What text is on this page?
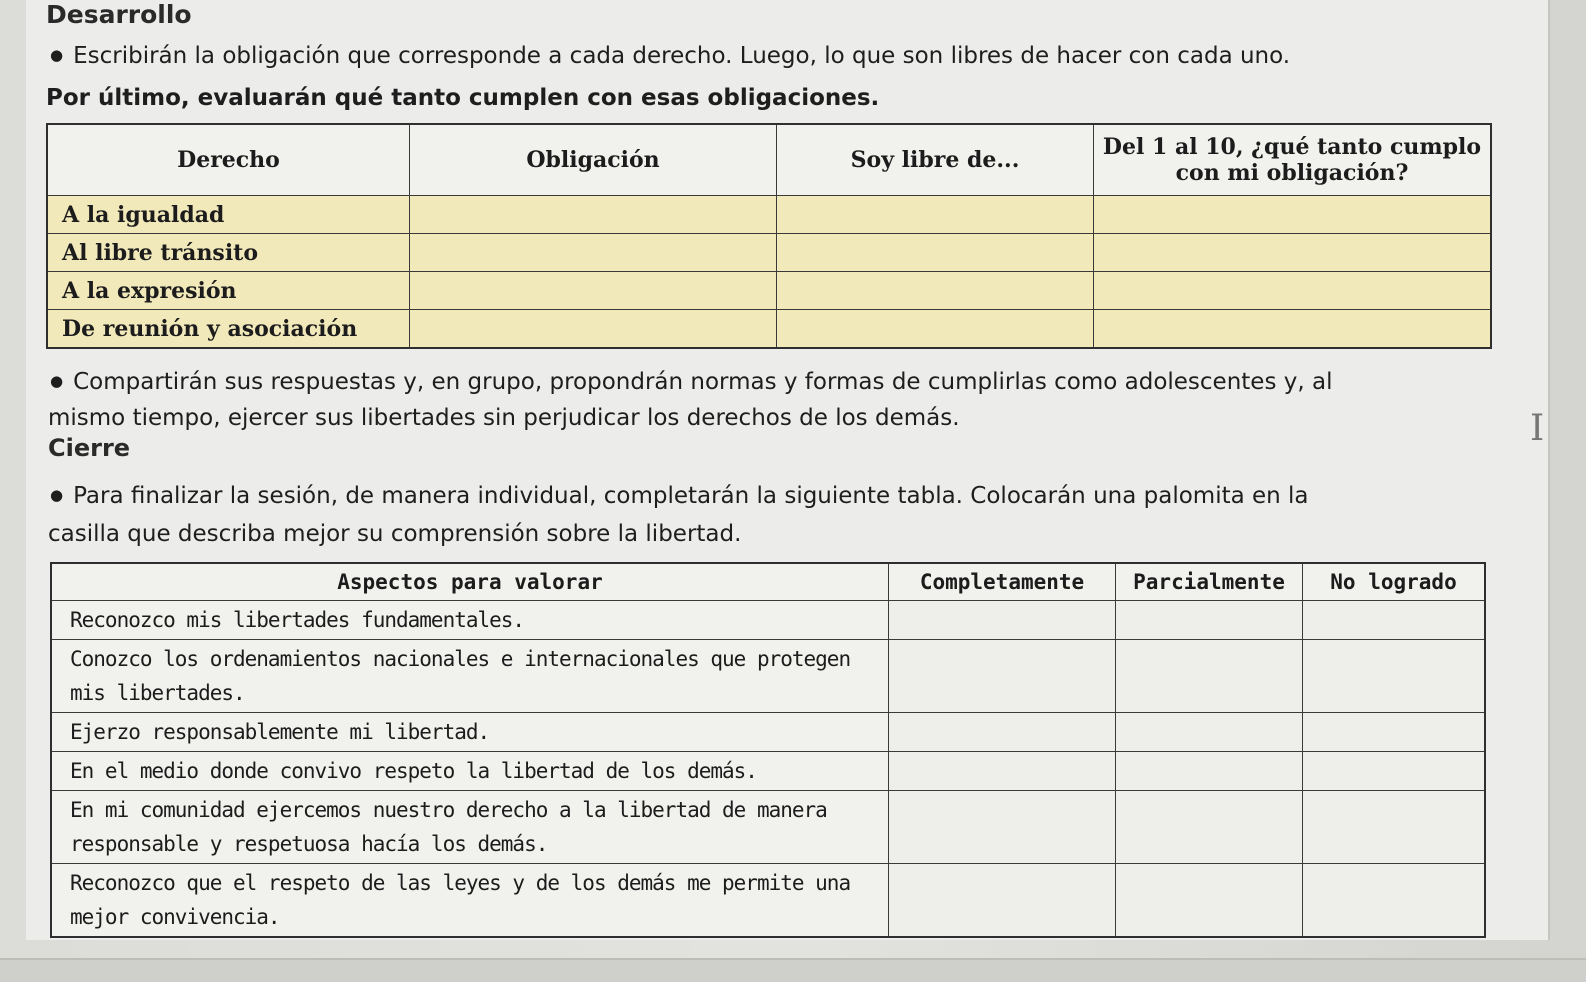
Desarrollo
● Escribirán la obligación que corresponde a cada derecho. Luego, lo que son libres de hacer con cada uno.
Por último, evaluarán qué tanto cumplen con esas obligaciones.
Derecho	Obligación	Soy libre de...	Del 1 al 10, ¿qué tanto cumplo con mi obligación?
A la igualdad			
Al libre tránsito			
A la expresión			
De reunión y asociación			
● Compartirán sus respuestas y, en grupo, propondrán normas y formas de cumplirlas como adolescentes y, al
mismo tiempo, ejercer sus libertades sin perjudicar los derechos de los demás.	I
Cierre
● Para finalizar la sesión, de manera individual, completarán la siguiente tabla. Colocarán una palomita en la
casilla que describa mejor su comprensión sobre la libertad.
Aspectos para valorar	Completamente	Parcialmente	No logrado
Reconozco mis libertades fundamentales.			
Conozco los ordenamientos nacionales e internacionales que protegen mis libertades.			
Ejerzo responsablemente mi libertad.			
En el medio donde convivo respeto la libertad de los demás.			
En mi comunidad ejercemos nuestro derecho a la libertad de manera responsable y respetuosa hacía los demás.			
Reconozco que el respeto de las leyes y de los demás me permite una mejor convivencia.			
